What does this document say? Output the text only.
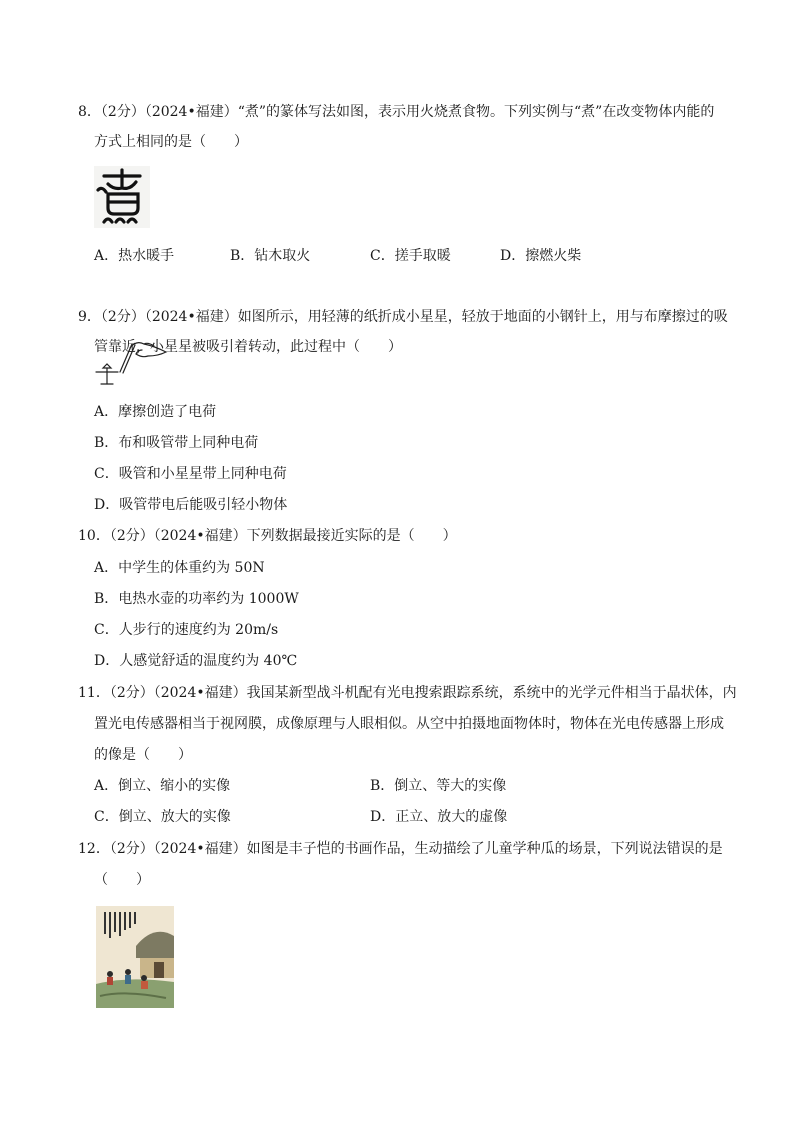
8．（2分）（2024•福建）“煮”的篆体写法如图，表示用火烧煮食物。下列实例与“煮”在改变物体内能的
方式上相同的是（　　）
A．热水暖手	B．钻木取火	C．搓手取暖	D．擦燃火柴
9．（2分）（2024•福建）如图所示，用轻薄的纸折成小星星，轻放于地面的小钢针上，用与布摩擦过的吸
管靠近，小星星被吸引着转动，此过程中（　　）
A．摩擦创造了电荷
B．布和吸管带上同种电荷
C．吸管和小星星带上同种电荷
D．吸管带电后能吸引轻小物体
10．（2分）（2024•福建）下列数据最接近实际的是（　　）
A．中学生的体重约为 50N
B．电热水壶的功率约为 1000W
C．人步行的速度约为 20m/s
D．人感觉舒适的温度约为 40℃
11．（2分）（2024•福建）我国某新型战斗机配有光电搜索跟踪系统，系统中的光学元件相当于晶状体，内
置光电传感器相当于视网膜，成像原理与人眼相似。从空中拍摄地面物体时，物体在光电传感器上形成
的像是（　　）
A．倒立、缩小的实像	B．倒立、等大的实像
C．倒立、放大的实像	D．正立、放大的虚像
12．（2分）（2024•福建）如图是丰子恺的书画作品，生动描绘了儿童学种瓜的场景，下列说法错误的是
（　　）
